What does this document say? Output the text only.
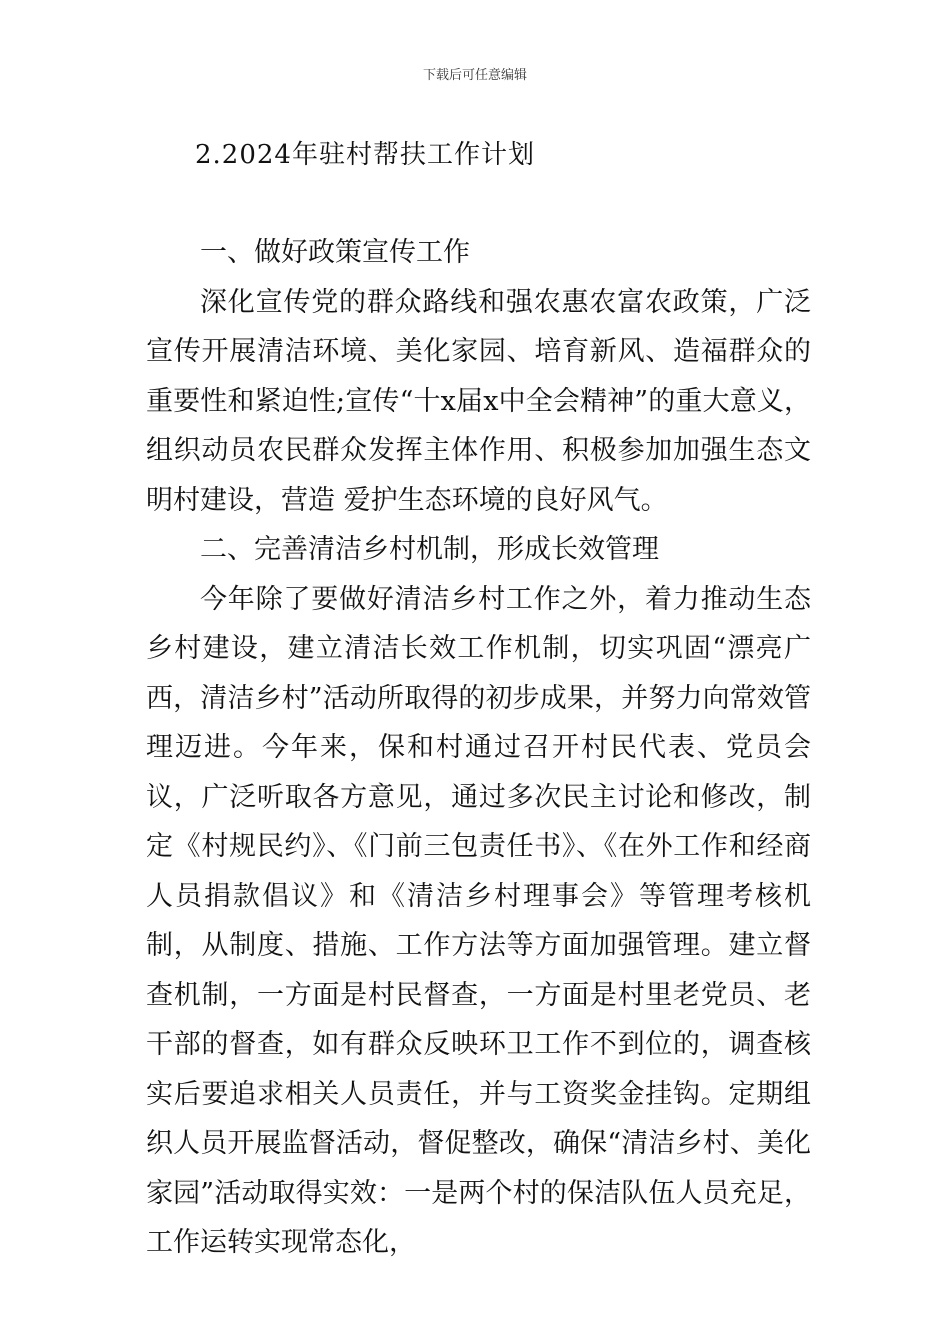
下载后可任意编辑
2.2024年驻村帮扶工作计划

一、做好政策宣传工作

深化宣传党的群众路线和强农惠农富农政策，广泛宣传开展清洁环境、美化家园、培育新风、造福群众的重要性和紧迫性;宣传“十x届x中全会精神”的重大意义，组织动员农民群众发挥主体作用、积极参加加强生态文明村建设，营造 爱护生态环境的良好风气。

二、完善清洁乡村机制，形成长效管理

今年除了要做好清洁乡村工作之外，着力推动生态乡村建设，建立清洁长效工作机制，切实巩固“漂亮广西，清洁乡村”活动所取得的初步成果，并努力向常效管理迈进。今年来，保和村通过召开村民代表、党员会议，广泛听取各方意见，通过多次民主讨论和修改，制定《村规民约》、《门前三包责任书》、《在外工作和经商人员捐款倡议》和《清洁乡村理事会》等管理考核机制，从制度、措施、工作方法等方面加强管理。建立督查机制，一方面是村民督查，一方面是村里老党员、老干部的督查，如有群众反映环卫工作不到位的，调查核实后要追求相关人员责任，并与工资奖金挂钩。定期组织人员开展监督活动，督促整改，确保“清洁乡村、美化家园”活动取得实效：一是两个村的保洁队伍人员充足，工作运转实现常态化，
